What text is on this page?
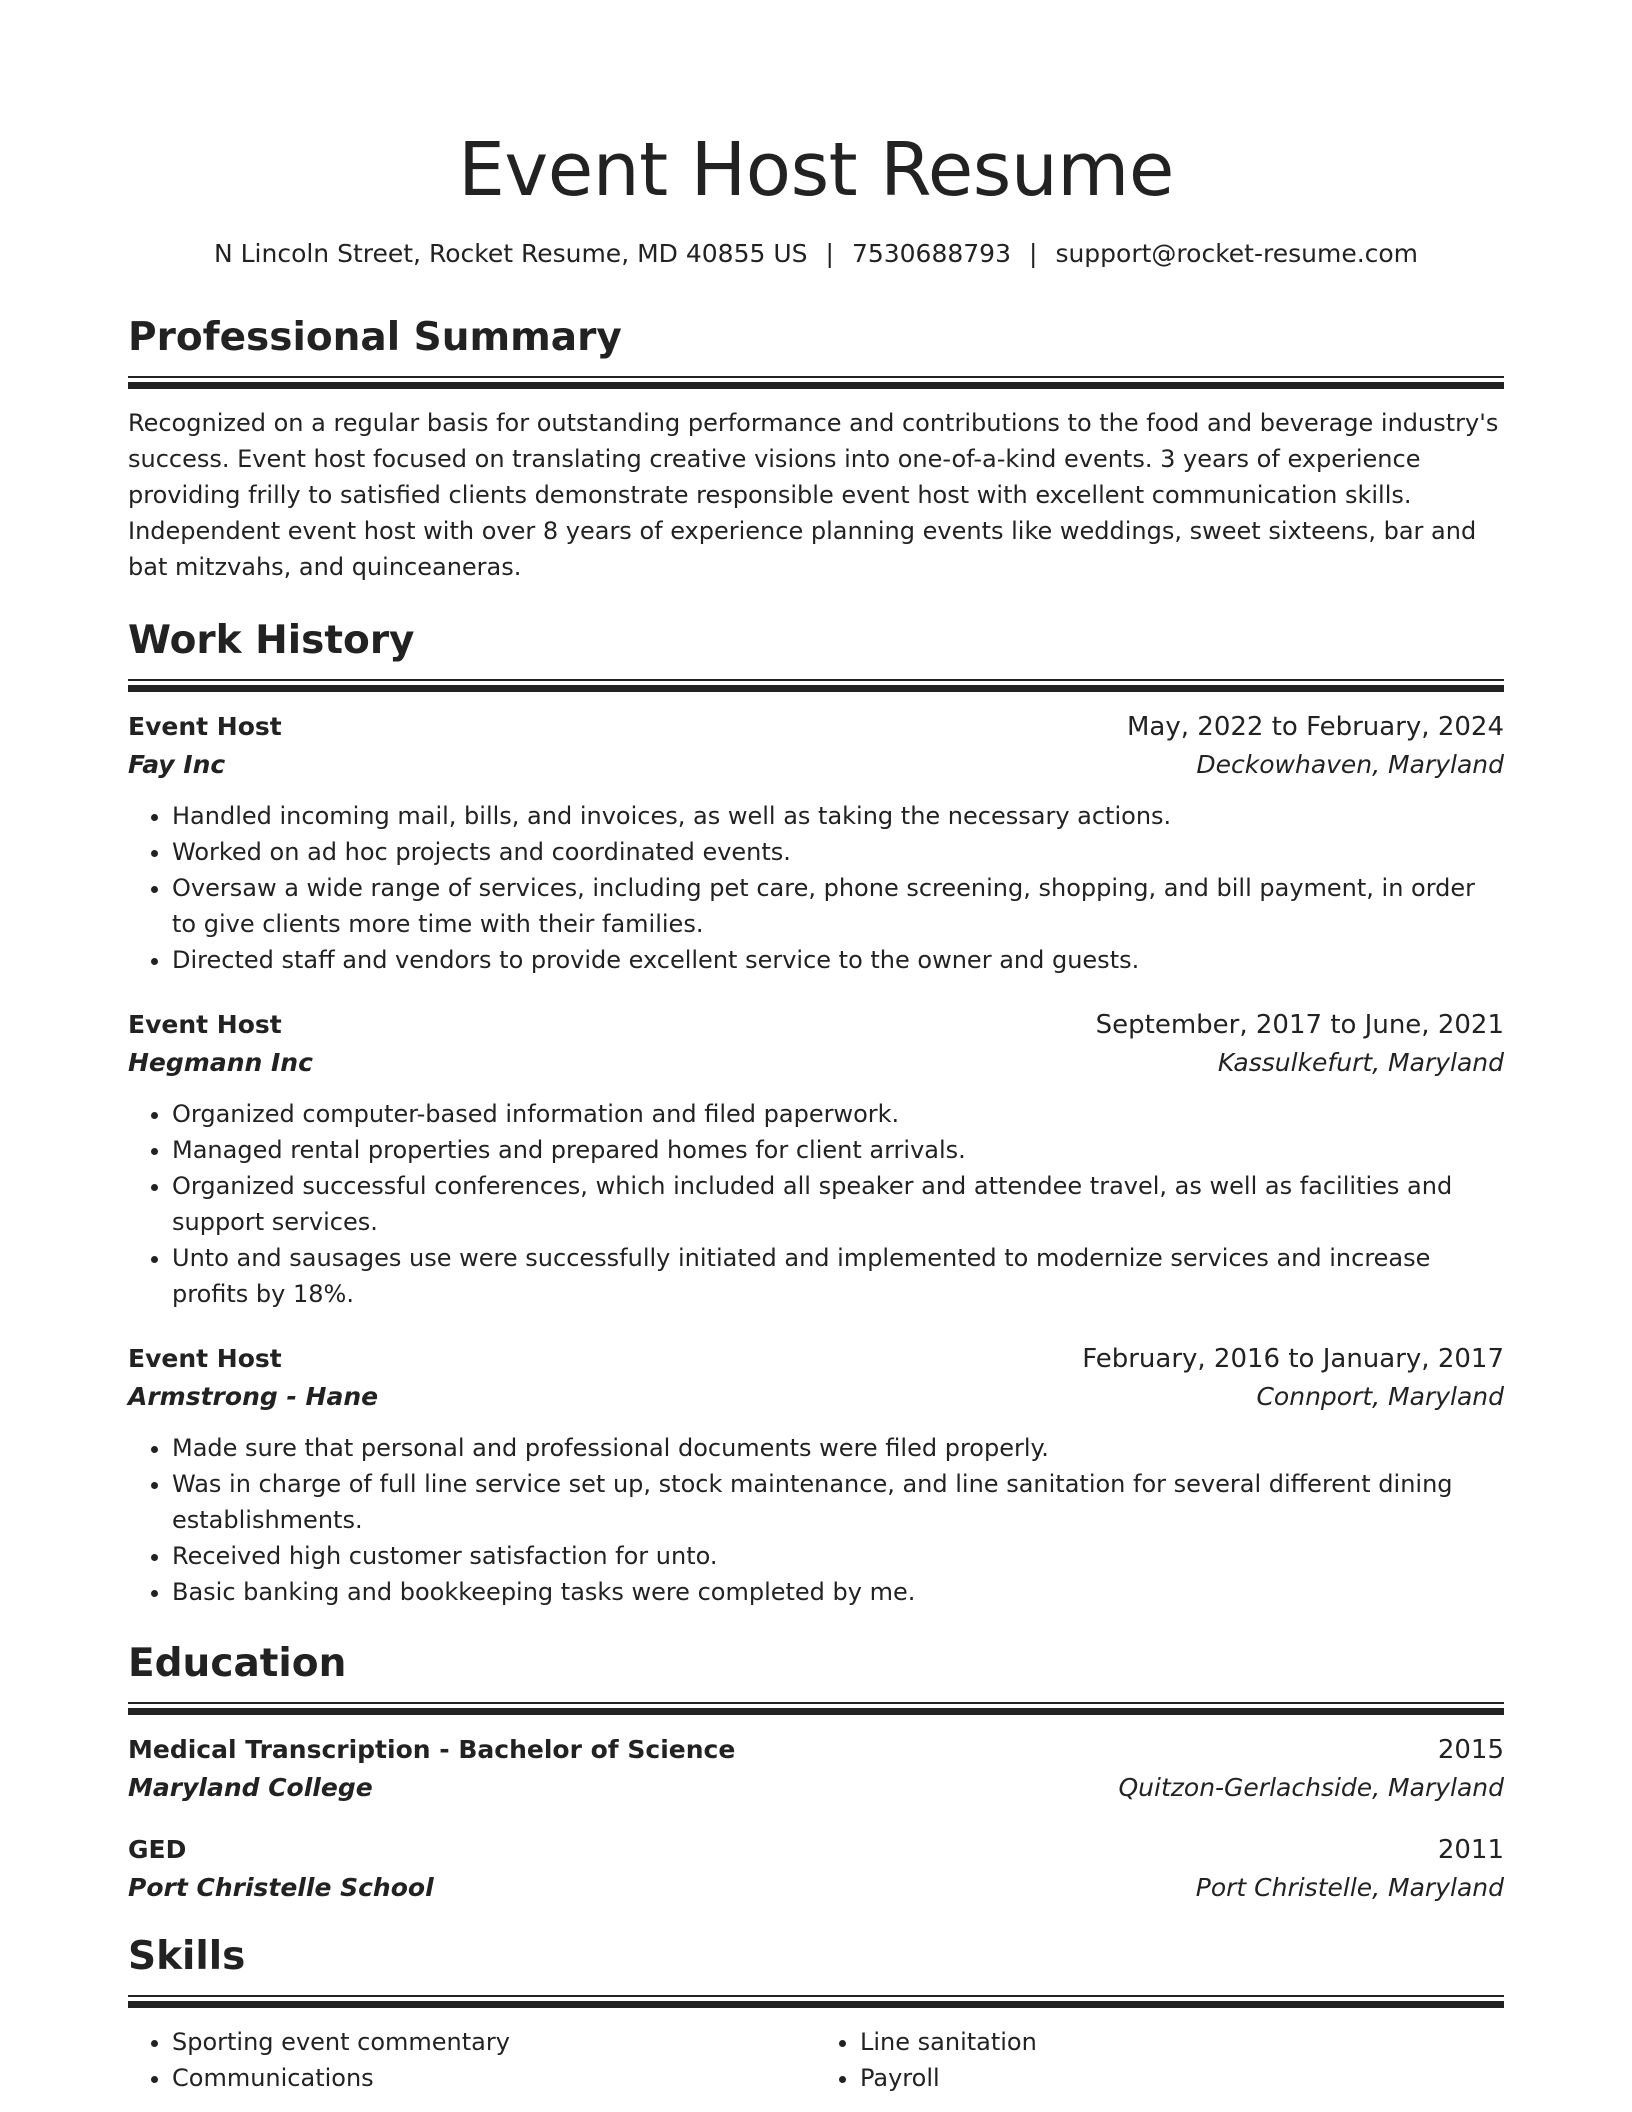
Event Host Resume
N Lincoln Street, Rocket Resume, MD 40855 US | 7530688793 | support@rocket-resume.com
Professional Summary

Recognized on a regular basis for outstanding performance and contributions to the food and beverage industry's success. Event host focused on translating creative visions into one-of-a-kind events. 3 years of experience providing frilly to satisfied clients demonstrate responsible event host with excellent communication skills. Independent event host with over 8 years of experience planning events like weddings, sweet sixteens, bar and bat mitzvahs, and quinceaneras.

Work History
Event Host	May, 2022 to February, 2024
Fay Inc	Deckowhaven, Maryland
• Handled incoming mail, bills, and invoices, as well as taking the necessary actions.
• Worked on ad hoc projects and coordinated events.
• Oversaw a wide range of services, including pet care, phone screening, shopping, and bill payment, in order to give clients more time with their families.
• Directed staff and vendors to provide excellent service to the owner and guests.
Event Host	September, 2017 to June, 2021
Hegmann Inc	Kassulkefurt, Maryland
• Organized computer-based information and filed paperwork.
• Managed rental properties and prepared homes for client arrivals.
• Organized successful conferences, which included all speaker and attendee travel, as well as facilities and support services.
• Unto and sausages use were successfully initiated and implemented to modernize services and increase profits by 18%.
Event Host	February, 2016 to January, 2017
Armstrong - Hane	Connport, Maryland
• Made sure that personal and professional documents were filed properly.
• Was in charge of full line service set up, stock maintenance, and line sanitation for several different dining establishments.
• Received high customer satisfaction for unto.
• Basic banking and bookkeeping tasks were completed by me.
Education
Medical Transcription - Bachelor of Science	2015
Maryland College	Quitzon-Gerlachside, Maryland
GED	2011
Port Christelle School	Port Christelle, Maryland
Skills
• Sporting event commentary
• Communications
• Line sanitation
• Payroll
